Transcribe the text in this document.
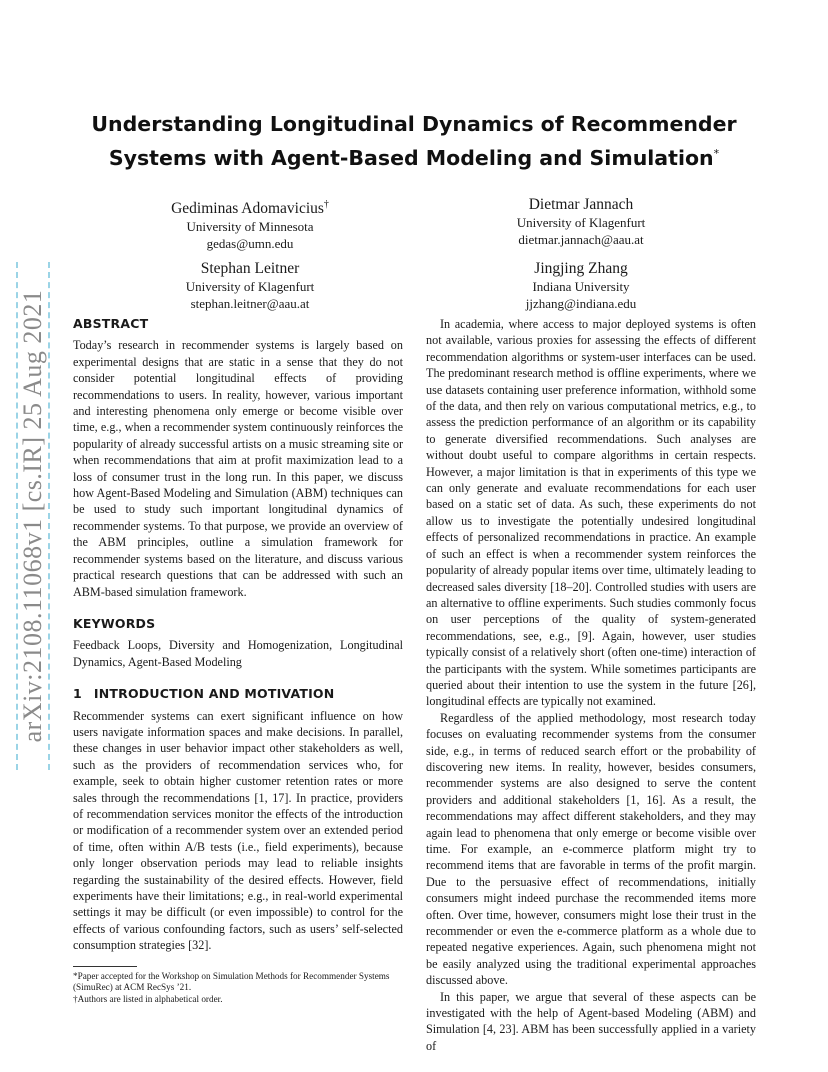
arXiv:2108.11068v1 [cs.IR] 25 Aug 2021
Understanding Longitudinal Dynamics of Recommender
Systems with Agent-Based Modeling and Simulation*
Gediminas Adomavicius†
University of Minnesota
gedas@umn.edu
Dietmar Jannach
University of Klagenfurt
dietmar.jannach@aau.at
Stephan Leitner
University of Klagenfurt
stephan.leitner@aau.at
Jingjing Zhang
Indiana University
jjzhang@indiana.edu
ABSTRACT

Today’s research in recommender systems is largely based on experimental designs that are static in a sense that they do not consider potential longitudinal effects of providing recommendations to users. In reality, however, various important and interesting phenomena only emerge or become visible over time, e.g., when a recommender system continuously reinforces the popularity of already successful artists on a music streaming site or when recommendations that aim at profit maximization lead to a loss of consumer trust in the long run. In this paper, we discuss how Agent-Based Modeling and Simulation (ABM) techniques can be used to study such important longitudinal dynamics of recommender systems. To that purpose, we provide an overview of the ABM principles, outline a simulation framework for recommender systems based on the literature, and discuss various practical research questions that can be addressed with such an ABM-based simulation framework.

KEYWORDS

Feedback Loops, Diversity and Homogenization, Longitudinal Dynamics, Agent-Based Modeling

1 INTRODUCTION AND MOTIVATION

Recommender systems can exert significant influence on how users navigate information spaces and make decisions. In parallel, these changes in user behavior impact other stakeholders as well, such as the providers of recommendation services who, for example, seek to obtain higher customer retention rates or more sales through the recommendations [1, 17]. In practice, providers of recommendation services monitor the effects of the introduction or modification of a recommender system over an extended period of time, often within A/B tests (i.e., field experiments), because only longer observation periods may lead to reliable insights regarding the sustainability of the desired effects. However, field experiments have their limitations; e.g., in real-world experimental settings it may be difficult (or even impossible) to control for the effects of various confounding factors, such as users’ self-selected consumption strategies [32].

*Paper accepted for the Workshop on Simulation Methods for Recommender Systems (SimuRec) at ACM RecSys ’21.
†Authors are listed in alphabetical order.

In academia, where access to major deployed systems is often not available, various proxies for assessing the effects of different recommendation algorithms or system-user interfaces can be used. The predominant research method is offline experiments, where we use datasets containing user preference information, withhold some of the data, and then rely on various computational metrics, e.g., to assess the prediction performance of an algorithm or its capability to generate diversified recommendations. Such analyses are without doubt useful to compare algorithms in certain respects. However, a major limitation is that in experiments of this type we can only generate and evaluate recommendations for each user based on a static set of data. As such, these experiments do not allow us to investigate the potentially undesired longitudinal effects of personalized recommendations in practice. An example of such an effect is when a recommender system reinforces the popularity of already popular items over time, ultimately leading to decreased sales diversity [18–20]. Controlled studies with users are an alternative to offline experiments. Such studies commonly focus on user perceptions of the quality of system-generated recommendations, see, e.g., [9]. Again, however, user studies typically consist of a relatively short (often one-time) interaction of the participants with the system. While sometimes participants are queried about their intention to use the system in the future [26], longitudinal effects are typically not examined.

Regardless of the applied methodology, most research today focuses on evaluating recommender systems from the consumer side, e.g., in terms of reduced search effort or the probability of discovering new items. In reality, however, besides consumers, recommender systems are also designed to serve the content providers and additional stakeholders [1, 16]. As a result, the recommendations may affect different stakeholders, and they may again lead to phenomena that only emerge or become visible over time. For example, an e-commerce platform might try to recommend items that are favorable in terms of the profit margin. Due to the persuasive effect of recommendations, initially consumers might indeed purchase the recommended items more often. Over time, however, consumers might lose their trust in the recommender or even the e-commerce platform as a whole due to repeated negative experiences. Again, such phenomena might not be easily analyzed using the traditional experimental approaches discussed above.

In this paper, we argue that several of these aspects can be investigated with the help of Agent-based Modeling (ABM) and Simulation [4, 23]. ABM has been successfully applied in a variety of
